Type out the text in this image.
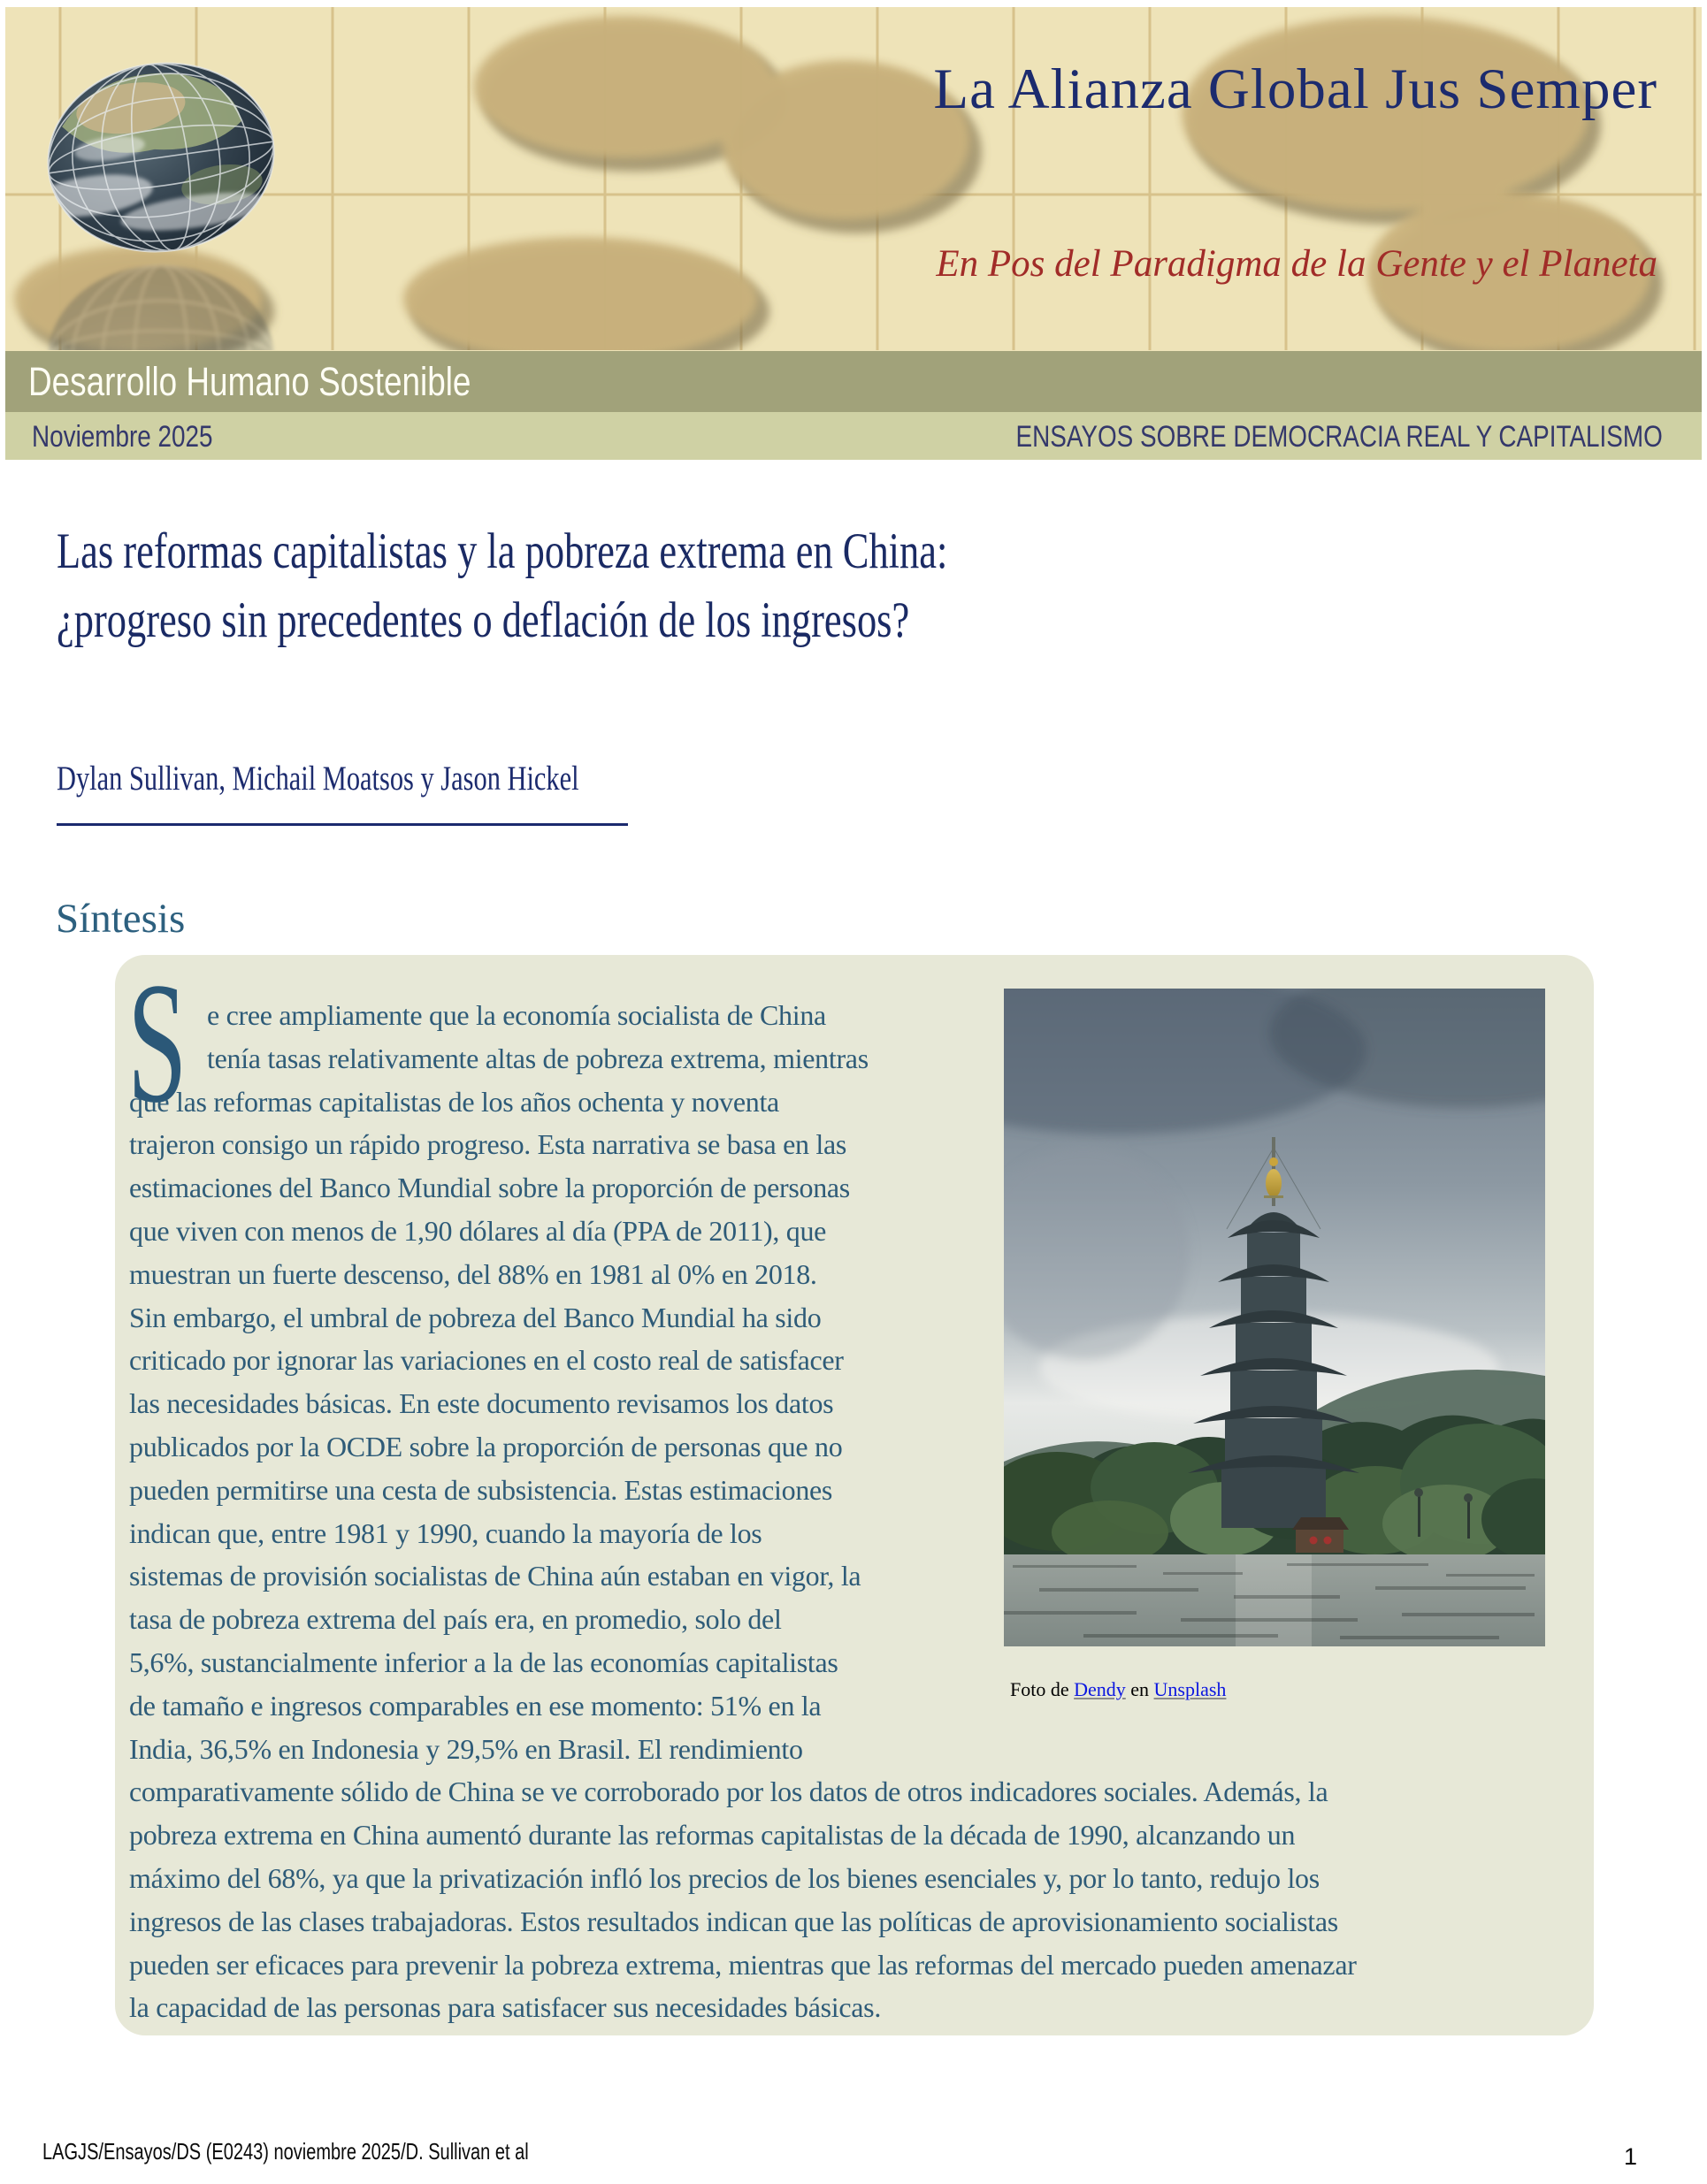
La Alianza Global Jus Semper
En Pos del Paradigma de la Gente y el Planeta
Desarrollo Humano Sostenible
Noviembre 2025	ENSAYOS SOBRE DEMOCRACIA REAL Y CAPITALISMO
Las reformas capitalistas y la pobreza extrema en China:
¿progreso sin precedentes o deflación de los ingresos?
Dylan Sullivan, Michail Moatsos y Jason Hickel
Síntesis
S e cree ampliamente que la economía socialista de China
tenía tasas relativamente altas de pobreza extrema, mientras
que las reformas capitalistas de los años ochenta y noventa
trajeron consigo un rápido progreso. Esta narrativa se basa en las
estimaciones del Banco Mundial sobre la proporción de personas
que viven con menos de 1,90 dólares al día (PPA de 2011), que
muestran un fuerte descenso, del 88% en 1981 al 0% en 2018.
Sin embargo, el umbral de pobreza del Banco Mundial ha sido
criticado por ignorar las variaciones en el costo real de satisfacer
las necesidades básicas. En este documento revisamos los datos
publicados por la OCDE sobre la proporción de personas que no
pueden permitirse una cesta de subsistencia. Estas estimaciones
indican que, entre 1981 y 1990, cuando la mayoría de los
sistemas de provisión socialistas de China aún estaban en vigor, la
tasa de pobreza extrema del país era, en promedio, solo del
5,6%, sustancialmente inferior a la de las economías capitalistas
de tamaño e ingresos comparables en ese momento: 51% en la
India, 36,5% en Indonesia y 29,5% en Brasil. El rendimiento
comparativamente sólido de China se ve corroborado por los datos de otros indicadores sociales. Además, la
pobreza extrema en China aumentó durante las reformas capitalistas de la década de 1990, alcanzando un
máximo del 68%, ya que la privatización infló los precios de los bienes esenciales y, por lo tanto, redujo los
ingresos de las clases trabajadoras. Estos resultados indican que las políticas de aprovisionamiento socialistas
pueden ser eficaces para prevenir la pobreza extrema, mientras que las reformas del mercado pueden amenazar
la capacidad de las personas para satisfacer sus necesidades básicas.
Foto de Dendy en Unsplash
LAGJS/Ensayos/DS (E0243) noviembre 2025/D. Sullivan et al	1
